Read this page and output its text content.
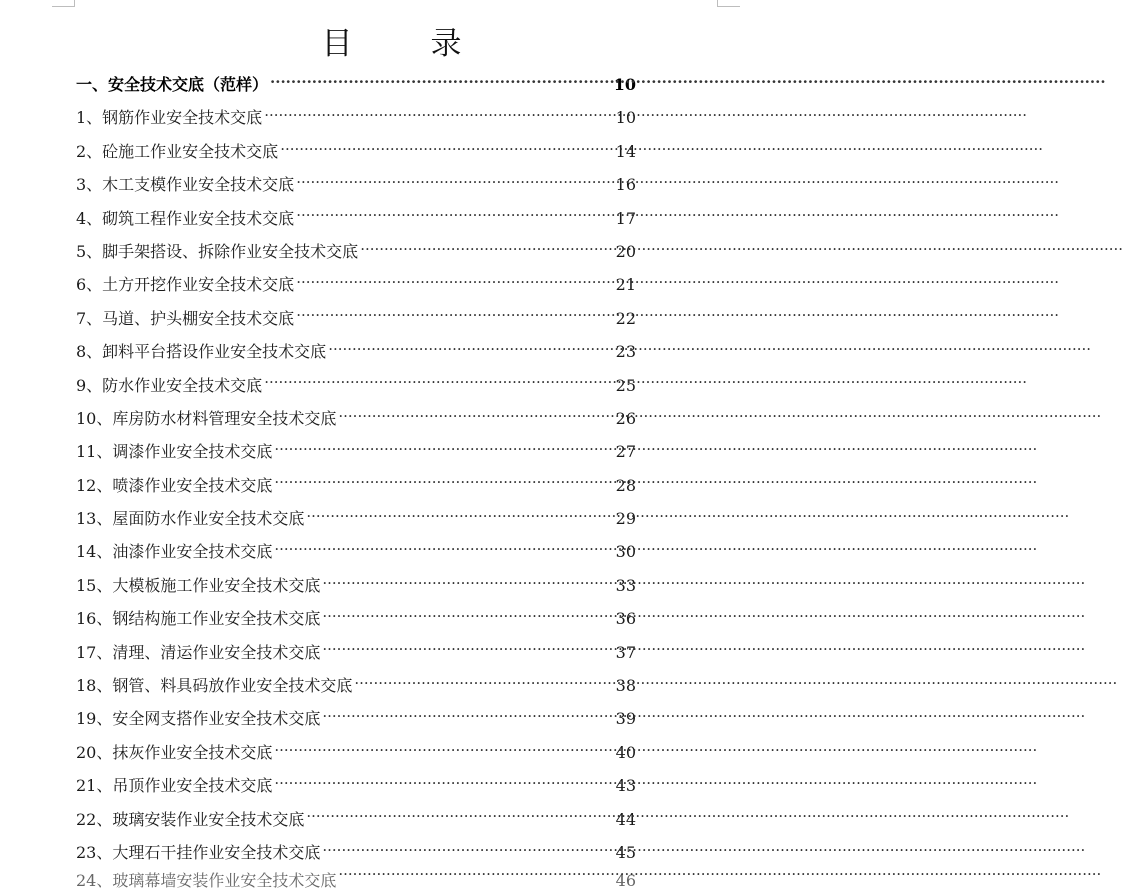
目	录
一、安全技术交底（范样） ·····	10
1、钢筋作业安全技术交底 ·····	10
2、砼施工作业安全技术交底 ·····	14
3、木工支模作业安全技术交底 ·····	16
4、砌筑工程作业安全技术交底 ·····	17
5、脚手架搭设、拆除作业安全技术交底 ·····	20
6、土方开挖作业安全技术交底 ·····	21
7、马道、护头棚安全技术交底 ·····	22
8、卸料平台搭设作业安全技术交底 ·····	23
9、防水作业安全技术交底 ·····	25
10、库房防水材料管理安全技术交底 ·····	26
11、调漆作业安全技术交底 ·····	27
12、喷漆作业安全技术交底 ·····	28
13、屋面防水作业安全技术交底 ·····	29
14、油漆作业安全技术交底 ·····	30
15、大模板施工作业安全技术交底 ·····	33
16、钢结构施工作业安全技术交底 ·····	36
17、清理、清运作业安全技术交底 ·····	37
18、钢管、料具码放作业安全技术交底 ·····	38
19、安全网支搭作业安全技术交底 ·····	39
20、抹灰作业安全技术交底 ·····	40
21、吊顶作业安全技术交底 ·····	43
22、玻璃安装作业安全技术交底 ·····	44
23、大理石干挂作业安全技术交底 ·····	45
24、玻璃幕墙安装作业安全技术交底 ·····	46
